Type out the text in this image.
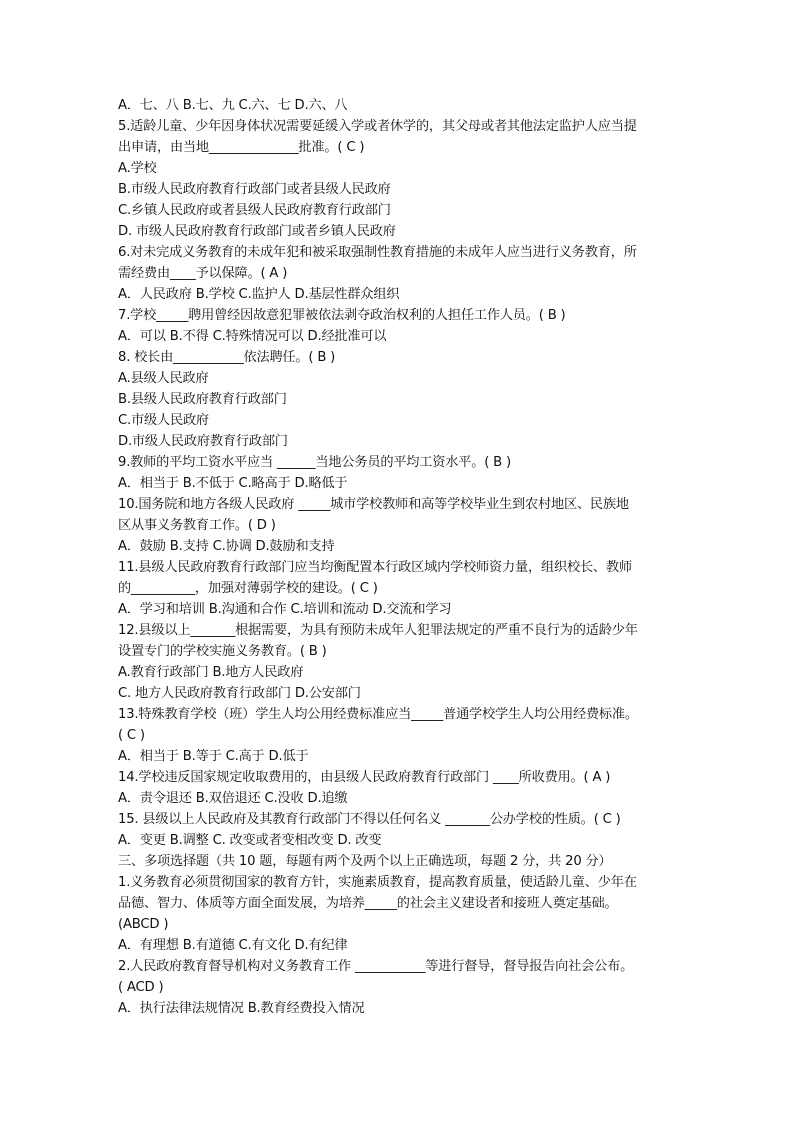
A．七、八 B.七、九 C.六、七 D.六、八
5.适龄儿童、少年因身体状况需要延缓入学或者休学的，其父母或者其他法定监护人应当提
出申请，由当地______________批准。( C )
A.学校
B.市级人民政府教育行政部门或者县级人民政府
C.乡镇人民政府或者县级人民政府教育行政部门
D. 市级人民政府教育行政部门或者乡镇人民政府
6.对未完成义务教育的未成年犯和被采取强制性教育措施的未成年人应当进行义务教育，所
需经费由____予以保障。( A )
A．人民政府 B.学校 C.监护人 D.基层性群众组织
7.学校_____聘用曾经因故意犯罪被依法剥夺政治权利的人担任工作人员。( B )
A．可以 B.不得 C.特殊情况可以 D.经批准可以
8. 校长由___________依法聘任。( B )
A.县级人民政府
B.县级人民政府教育行政部门
C.市级人民政府
D.市级人民政府教育行政部门
9.教师的平均工资水平应当 ______当地公务员的平均工资水平。( B )
A．相当于 B.不低于 C.略高于 D.略低于
10.国务院和地方各级人民政府 _____城市学校教师和高等学校毕业生到农村地区、民族地
区从事义务教育工作。( D )
A．鼓励 B.支持 C.协调 D.鼓励和支持
11.县级人民政府教育行政部门应当均衡配置本行政区域内学校师资力量，组织校长、教师
的__________，加强对薄弱学校的建设。( C )
A．学习和培训 B.沟通和合作 C.培训和流动 D.交流和学习
12.县级以上_______根据需要，为具有预防未成年人犯罪法规定的严重不良行为的适龄少年
设置专门的学校实施义务教育。( B )
A.教育行政部门 B.地方人民政府
C. 地方人民政府教育行政部门 D.公安部门
13.特殊教育学校（班）学生人均公用经费标准应当_____普通学校学生人均公用经费标准。
( C )
A．相当于 B.等于 C.高于 D.低于
14.学校违反国家规定收取费用的，由县级人民政府教育行政部门 ____所收费用。( A )
A．责令退还 B.双倍退还 C.没收 D.追缴
15. 县级以上人民政府及其教育行政部门不得以任何名义 _______公办学校的性质。( C )
A．变更 B.调整 C. 改变或者变相改变 D. 改变
三、多项选择题（共 10 题，每题有两个及两个以上正确选项，每题 2 分，共 20 分）
1.义务教育必须贯彻国家的教育方针，实施素质教育，提高教育质量，使适龄儿童、少年在
品德、智力、体质等方面全面发展，为培养_____的社会主义建设者和接班人奠定基础。
(ABCD )
A．有理想 B.有道德 C.有文化 D.有纪律
2.人民政府教育督导机构对义务教育工作 ___________等进行督导，督导报告向社会公布。
( ACD )
A．执行法律法规情况 B.教育经费投入情况
